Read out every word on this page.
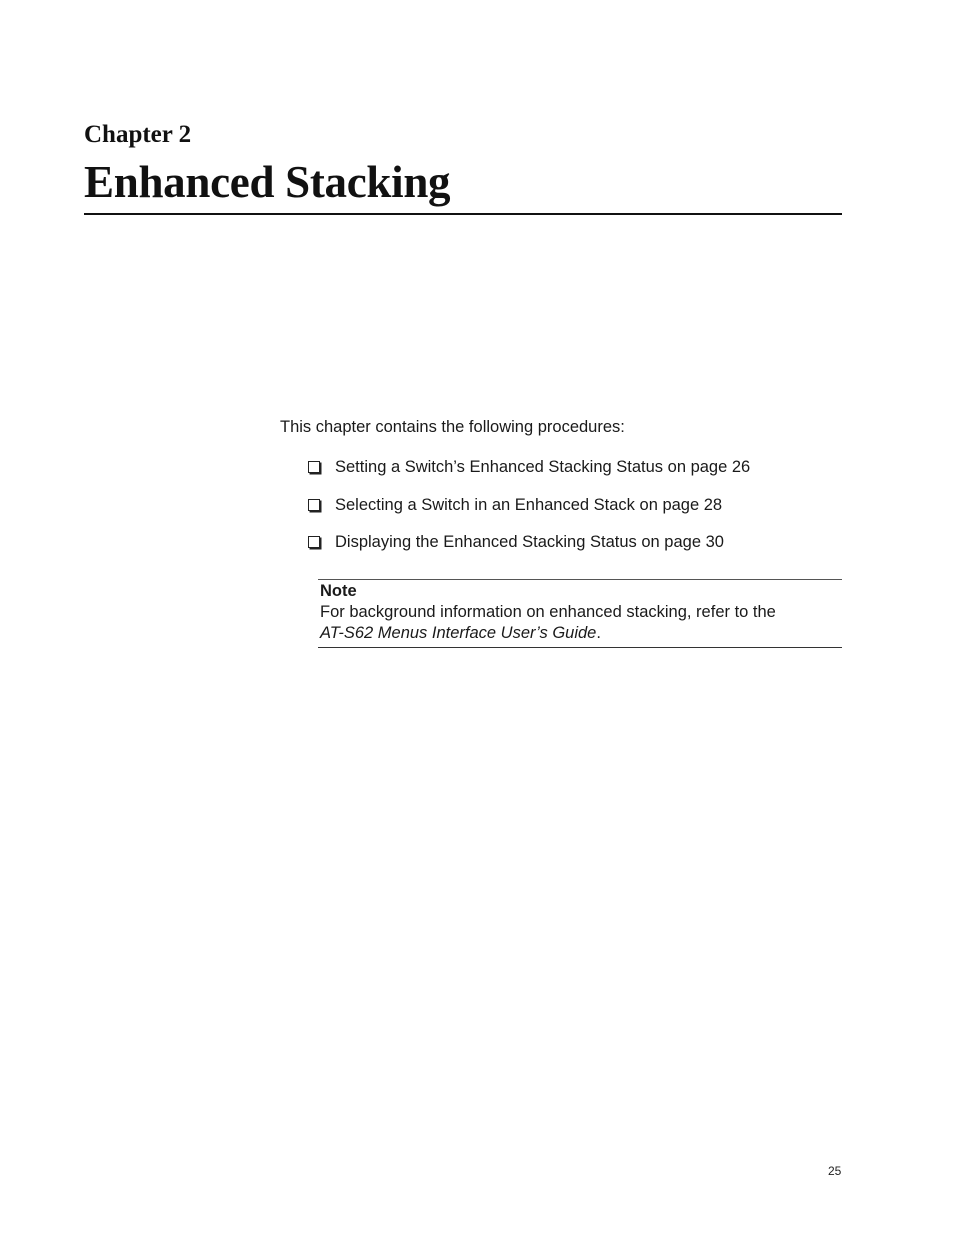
Chapter 2
Enhanced Stacking

This chapter contains the following procedures:

Setting a Switch’s Enhanced Stacking Status on page 26
Selecting a Switch in an Enhanced Stack on page 28
Displaying the Enhanced Stacking Status on page 30

Note

For background information on enhanced stacking, refer to the
AT-S62 Menus Interface User’s Guide.

25
